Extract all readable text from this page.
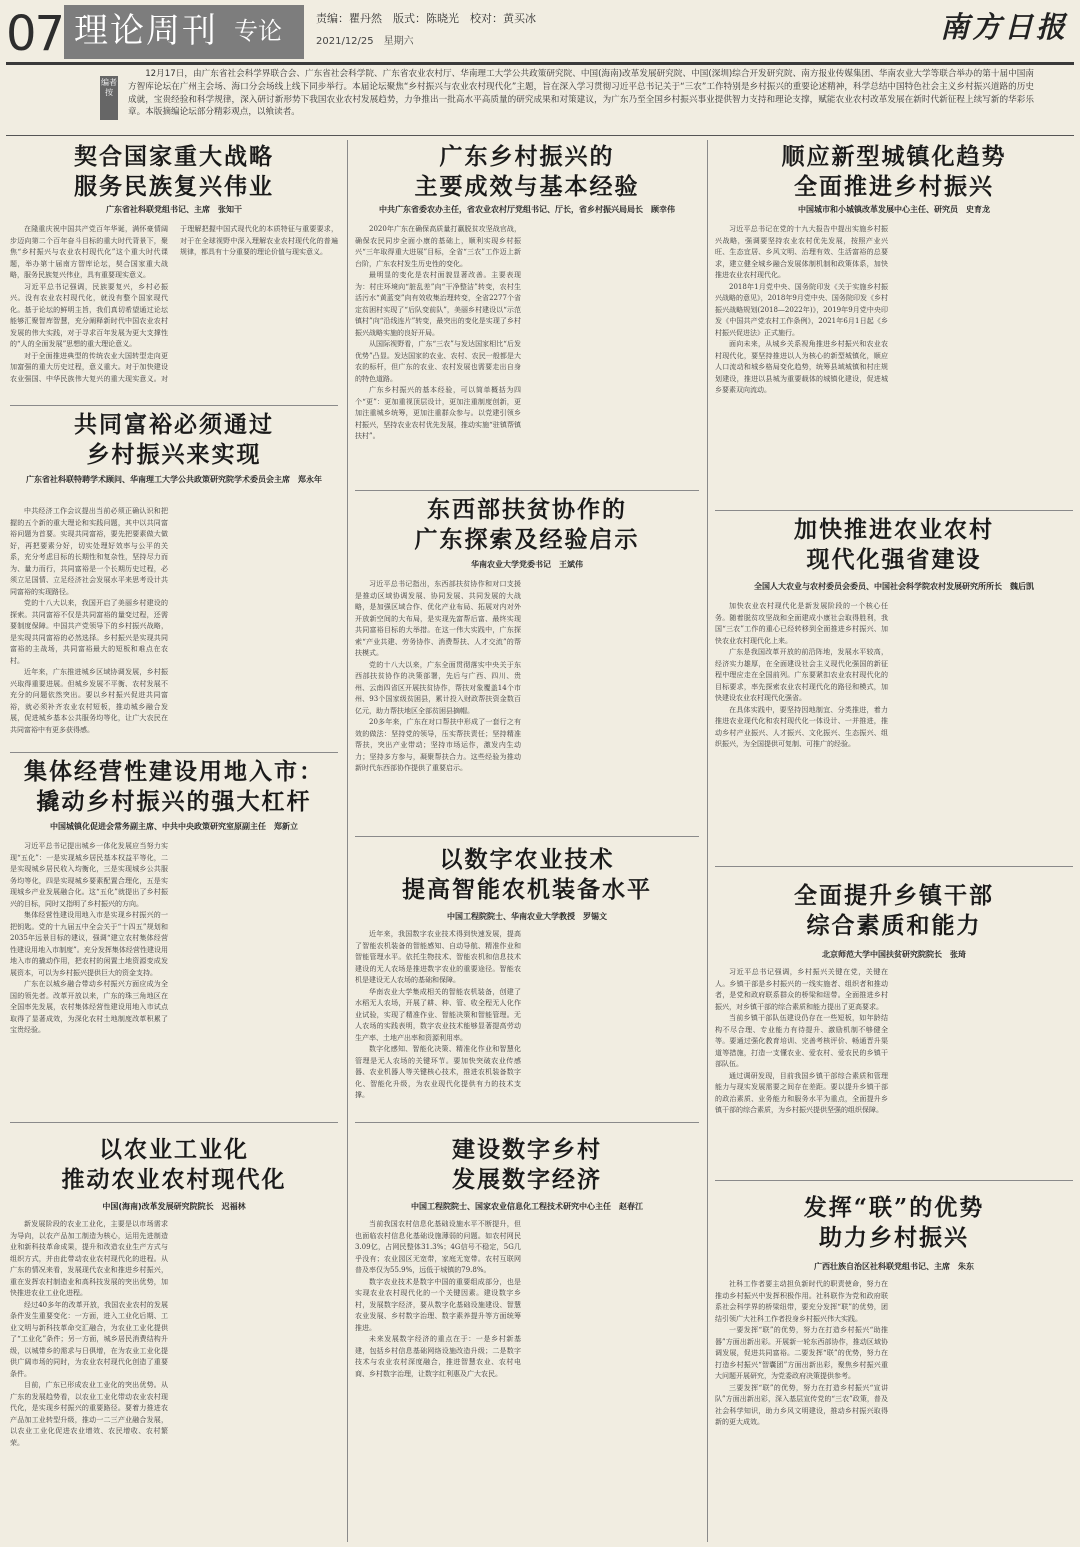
07 理论周刊 专论	责编：瞿丹然　版式：陈晓光　校对：黄买冰
2021/12/25　星期六	南方日报
编者按
12月17日，由广东省社会科学界联合会、广东省社会科学院、广东省农业农村厅、华南理工大学公共政策研究院、中国(海南)改革发展研究院、中国(深圳)综合开发研究院、南方报业传媒集团、华南农业大学等联合举办的第十届中国南方智库论坛在广州主会场、海口分会场线上线下同步举行。本届论坛聚焦“乡村振兴与农业农村现代化”主题，旨在深入学习贯彻习近平总书记关于“三农”工作特别是乡村振兴的重要论述精神，科学总结中国特色社会主义乡村振兴道路的历史成就，宝贵经验和科学规律，深入研讨新形势下我国农业农村发展趋势，力争推出一批高水平高质量的研究成果和对策建议，为广东乃至全国乡村振兴事业提供智力支持和理论支撑，赋能农业农村改革发展在新时代新征程上续写新的华彩乐章。本版摘编论坛部分精彩观点，以飨读者。
契合国家重大战略
服务民族复兴伟业
广东省社科联党组书记、主席　张知干

在隆重庆祝中国共产党百年华诞，满怀豪情阔步迈向第二个百年奋斗目标的重大时代背景下，聚焦“乡村振兴与农业农村现代化”这个重大时代课题，举办第十届南方智库论坛，契合国家重大战略，服务民族复兴伟业，具有重要现实意义。

习近平总书记强调，民族要复兴，乡村必振兴。没有农业农村现代化，就没有整个国家现代化。基于论坛的鲜明主旨，我们真切希望通过论坛能够汇聚智库智慧，充分阐释新时代中国农业农村发展的伟大实践，对于寻求百年发展为更大支撑性的“人的全面发展”思想的重大理论意义。

对于全面推进典型的传统农业大国转型走向更加富强的重大历史过程，意义重大。对于加快建设农业强国、中华民族伟大复兴的重大现实意义。对于理解把握中国式现代化的本质特征与重要要求，对于在全球视野中深入理解农业农村现代化的普遍规律，都具有十分重要的理论价值与现实意义。

共同富裕必须通过
乡村振兴来实现
广东省社科联特聘学术顾问、华南理工大学公共政策研究院学术委员会主席　郑永年

中共经济工作会议提出当前必须正确认识和把握的五个新的重大理论和实践问题，其中以共同富裕问题为首要。实现共同富裕，要先把要素做大做好，再把要素分好，切实处理好效率与公平的关系，充分考虑目标的长期性和复杂性，坚持尽力而为、量力而行，共同富裕是一个长期历史过程，必须立足国情、立足经济社会发展水平来思考设计共同富裕的实现路径。

党的十八大以来，我国开启了美丽乡村建设的探索。共同富裕不仅是共同富裕的量变过程，还需要制度保障。中国共产党领导下的乡村振兴战略，是实现共同富裕的必然选择。乡村振兴是实现共同富裕的主战场，共同富裕最大的短板和难点在农村。

近年来，广东推进城乡区域协调发展，乡村振兴取得重要进展。但城乡发展不平衡、农村发展不充分的问题依然突出。要以乡村振兴促进共同富裕，就必须补齐农业农村短板，推动城乡融合发展，促进城乡基本公共服务均等化，让广大农民在共同富裕中有更多获得感。

集体经营性建设用地入市：
撬动乡村振兴的强大杠杆
中国城镇化促进会常务副主席、中共中央政策研究室原副主任　郑新立

习近平总书记提出城乡一体化发展应当努力实现“五化”：一是实现城乡居民基本权益平等化，二是实现城乡居民收入均衡化，三是实现城乡公共服务均等化，四是实现城乡要素配置合理化，五是实现城乡产业发展融合化。这“五化”就提出了乡村振兴的目标，同时又指明了乡村振兴的方向。

集体经营性建设用地入市是实现乡村振兴的一把钥匙。党的十九届五中全会关于“十四五”规划和2035年远景目标的建议，强调“建立农村集体经营性建设用地入市制度”。充分发挥集体经营性建设用地入市的撬动作用，把农村的闲置土地资源变成发展资本，可以为乡村振兴提供巨大的资金支持。

广东在以城乡融合带动乡村振兴方面应成为全国的领先者。改革开放以来，广东的珠三角地区在全国率先发展，农村集体经营性建设用地入市试点取得了显著成效，为深化农村土地制度改革积累了宝贵经验。

以农业工业化
推动农业农村现代化
中国(海南)改革发展研究院院长　迟福林

新发展阶段的农业工业化，主要是以市场需求为导向，以农产品加工制造为核心，运用先进制造业和新科技革命成果，提升和改造农业生产方式与组织方式，并由此带动农业农村现代化的进程。从广东的情况来看，发展现代农业和推进乡村振兴，重在发挥农村制造业和高科技发展的突出优势，加快推进农业工业化进程。

经过40多年的改革开放，我国农业农村的发展条件发生重要变化：一方面，进入工业化后期、工业文明与新科技革命交汇融合，为农业工业化提供了“工业化”条件；另一方面，城乡居民消费结构升级，以城带乡的需求与日俱增，在为农业工业化提供广阔市场的同时，为农业农村现代化创造了重要条件。

目前，广东已形成农业工业化的突出优势。从广东的发展趋势看，以农业工业化带动农业农村现代化，是实现乡村振兴的重要路径。要着力推进农产品加工业转型升级，推动一二三产业融合发展，以农业工业化促进农业增效、农民增收、农村繁荣。

广东乡村振兴的
主要成效与基本经验
中共广东省委农办主任，省农业农村厅党组书记、厅长，省乡村振兴局局长　顾幸伟

2020年广东在确保高质量打赢脱贫攻坚战官战，确保农民同步全面小康的基础上，顺利实现乡村振兴“三年取得重大进展”目标，全省“三农”工作迈上新台阶，广东农村发生历史性的变化。

最明显的变化是农村面貌显著改善。主要表现为：村庄环境向“脏乱差”向“干净整洁”转变，农村生活污水“黄蓝变”向有效收集治理转变，全省2277个省定贫困村实现了“后队变前队”，美丽乡村建设以“示范镇村”向“沿线连片”转变，最突出的变化是实现了乡村振兴战略实施的良好开局。

从国际视野看，广东“三农”与发达国家相比“后发优势”凸显。发达国家的农业、农村、农民一般都是大农的标杆，但广东的农业、农村发展也需要走出自身的特色道路。

广东乡村振兴的基本经验，可以简单概括为四个“更”：更加重视顶层设计，更加注重制度创新，更加注重城乡统筹，更加注重群众参与。以党建引领乡村振兴，坚持农业农村优先发展，推动实施“驻镇帮镇扶村”。

东西部扶贫协作的
广东探索及经验启示
华南农业大学党委书记　王斌伟

习近平总书记指出，东西部扶贫协作和对口支援是推动区域协调发展、协同发展、共同发展的大战略，是加强区域合作、优化产业布局、拓展对内对外开放新空间的大布局，是实现先富帮后富、最终实现共同富裕目标的大举措。在这一伟大实践中，广东探索“产业共建、劳务协作、消费帮扶、人才交流”的帮扶模式。

党的十八大以来，广东全面贯彻落实中央关于东西部扶贫协作的决策部署，先后与广西、四川、贵州、云南四省区开展扶贫协作，帮扶对象覆盖14个市州、93个国家级贫困县，累计投入财政帮扶资金数百亿元，助力帮扶地区全部贫困县摘帽。

20多年来，广东在对口帮扶中形成了一套行之有效的做法：坚持党的领导，压实帮扶责任；坚持精准帮扶，突出产业带动；坚持市场运作，激发内生动力；坚持多方参与，凝聚帮扶合力。这些经验为推动新时代东西部协作提供了重要启示。

以数字农业技术
提高智能农机装备水平
中国工程院院士、华南农业大学教授　罗锡文

近年来，我国数字农业技术得到快速发展，提高了智能农机装备的智能感知、自动导航、精准作业和智能管理水平。依托生物技术、智能农机和信息技术建设的无人农场是推进数字农业的重要途径。智能农机是建设无人农场的基础和保障。

华南农业大学集成相关的智能农机装备，创建了水稻无人农场，开展了耕、种、管、收全程无人化作业试验，实现了精准作业、智能决策和智能管理。无人农场的实践表明，数字农业技术能够显著提高劳动生产率、土地产出率和资源利用率。

数字化感知、智能化决策、精准化作业和智慧化管理是无人农场的关键环节。要加快突破农业传感器、农业机器人等关键核心技术，推进农机装备数字化、智能化升级，为农业现代化提供有力的技术支撑。

建设数字乡村
发展数字经济
中国工程院院士、国家农业信息化工程技术研究中心主任　赵春江

当前我国农村信息化基础设施水平不断提升，但也面临农村信息化基础设施薄弱的问题。如农村网民3.09亿，占网民整体31.3%；4G信号不稳定，5G几乎没有；农业园区无宽带，家庭无宽带。农村互联网普及率仅为55.9%，远低于城镇的79.8%。

数字农业技术是数字中国的重要组成部分，也是实现农业农村现代化的一个关键因素。建设数字乡村，发展数字经济，要从数字化基础设施建设、智慧农业发展、乡村数字治理、数字素养提升等方面统筹推进。

未来发展数字经济的重点在于：一是乡村新基建，包括乡村信息基础网络设施改造升级；二是数字技术与农业农村深度融合，推进智慧农业、农村电商、乡村数字治理，让数字红利惠及广大农民。

顺应新型城镇化趋势
全面推进乡村振兴
中国城市和小城镇改革发展中心主任、研究员　史育龙

习近平总书记在党的十九大报告中提出实施乡村振兴战略，强调要坚持农业农村优先发展，按照产业兴旺、生态宜居、乡风文明、治理有效、生活富裕的总要求，建立健全城乡融合发展体制机制和政策体系，加快推进农业农村现代化。

2018年1月党中央、国务院印发《关于实施乡村振兴战略的意见》，2018年9月党中央、国务院印发《乡村振兴战略规划(2018—2022年)》，2019年9月党中央印发《中国共产党农村工作条例》，2021年6月1日起《乡村振兴促进法》正式施行。

面向未来，从城乡关系视角推进乡村振兴和农业农村现代化，要坚持推进以人为核心的新型城镇化，顺应人口流动和城乡格局变化趋势，统筹县域城镇和村庄规划建设，推进以县城为重要载体的城镇化建设，促进城乡要素双向流动。

加快推进农业农村
现代化强省建设
全国人大农业与农村委员会委员、中国社会科学院农村发展研究所所长　魏后凯

加快农业农村现代化是新发展阶段的一个核心任务。随着脱贫攻坚战和全面建成小康社会取得胜利，我国“三农”工作的重心已经转移到全面推进乡村振兴、加快农业农村现代化上来。

广东是我国改革开放的前沿阵地，发展水平较高，经济实力雄厚，在全面建设社会主义现代化强国的新征程中理应走在全国前列。广东要紧扣农业农村现代化的目标要求，率先探索农业农村现代化的路径和模式，加快建设农业农村现代化强省。

在具体实践中，要坚持因地制宜、分类推进，着力推进农业现代化和农村现代化一体设计、一并推进，推动乡村产业振兴、人才振兴、文化振兴、生态振兴、组织振兴，为全国提供可复制、可推广的经验。

全面提升乡镇干部
综合素质和能力
北京师范大学中国扶贫研究院院长　张琦

习近平总书记强调，乡村振兴关键在党，关键在人。乡镇干部是乡村振兴的一线实施者、组织者和推动者，是党和政府联系群众的桥梁和纽带。全面推进乡村振兴，对乡镇干部的综合素质和能力提出了更高要求。

当前乡镇干部队伍建设仍存在一些短板，如年龄结构不尽合理、专业能力有待提升、激励机制不够健全等。要通过强化教育培训、完善考核评价、畅通晋升渠道等措施，打造一支懂农业、爱农村、爱农民的乡镇干部队伍。

通过调研发现，目前我国乡镇干部综合素质和管理能力与现实发展需要之间存在差距。要以提升乡镇干部的政治素质、业务能力和服务水平为重点，全面提升乡镇干部的综合素质，为乡村振兴提供坚强的组织保障。

发挥“联”的优势
助力乡村振兴
广西壮族自治区社科联党组书记、主席　朱东

社科工作者要主动担负新时代的职责使命，努力在推动乡村振兴中发挥积极作用。社科联作为党和政府联系社会科学界的桥梁纽带，要充分发挥“联”的优势，团结引领广大社科工作者投身乡村振兴伟大实践。

一要发挥“联”的优势，努力在打造乡村振兴“助推器”方面出新出彩。开展新一轮东西部协作，推动区域协调发展，促进共同富裕。二要发挥“联”的优势，努力在打造乡村振兴“智囊团”方面出新出彩，聚焦乡村振兴重大问题开展研究，为党委政府决策提供参考。

三要发挥“联”的优势，努力在打造乡村振兴“宣讲队”方面出新出彩，深入基层宣传党的“三农”政策，普及社会科学知识，助力乡风文明建设，推动乡村振兴取得新的更大成效。
